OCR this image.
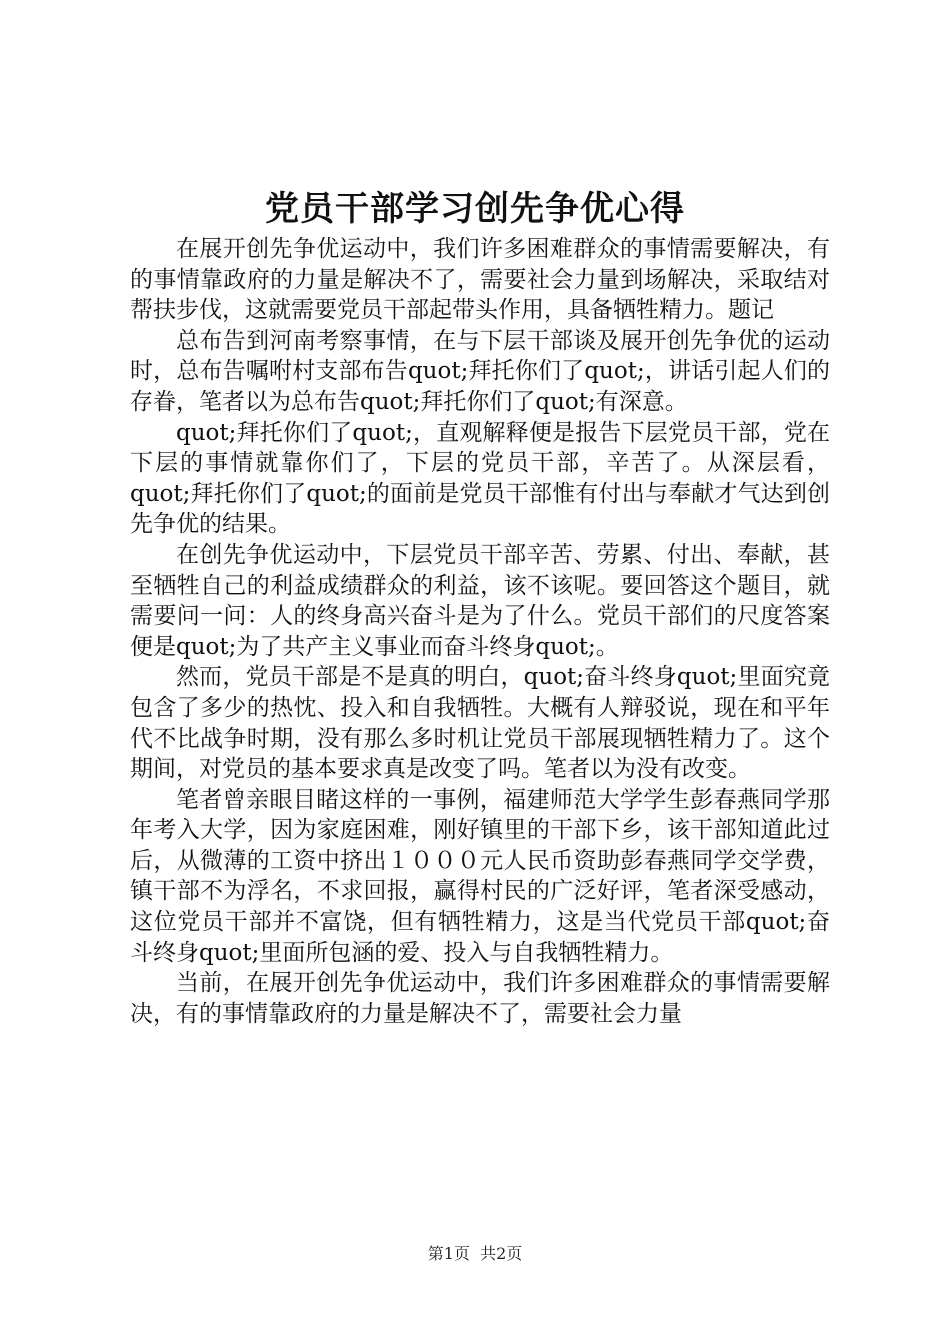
党员干部学习创先争优心得

在展开创先争优运动中，我们许多困难群众的事情需要解决，有的事情靠政府的力量是解决不了，需要社会力量到场解决，采取结对帮扶步伐，这就需要党员干部起带头作用，具备牺牲精力。题记

总布告到河南考察事情，在与下层干部谈及展开创先争优的运动时，总布告嘱咐村支部布告quot;拜托你们了quot;，讲话引起人们的存眷，笔者以为总布告quot;拜托你们了quot;有深意。

quot;拜托你们了quot;，直观解释便是报告下层党员干部，党在下层的事情就靠你们了，下层的党员干部，辛苦了。从深层看，quot;拜托你们了quot;的面前是党员干部惟有付出与奉献才气达到创先争优的结果。

在创先争优运动中，下层党员干部辛苦、劳累、付出、奉献，甚至牺牲自己的利益成绩群众的利益，该不该呢。要回答这个题目，就需要问一问：人的终身高兴奋斗是为了什么。党员干部们的尺度答案便是quot;为了共产主义事业而奋斗终身quot;。

然而，党员干部是不是真的明白，quot;奋斗终身quot;里面究竟包含了多少的热忱、投入和自我牺牲。大概有人辩驳说，现在和平年代不比战争时期，没有那么多时机让党员干部展现牺牲精力了。这个期间，对党员的基本要求真是改变了吗。笔者以为没有改变。

笔者曾亲眼目睹这样的一事例，福建师范大学学生彭春燕同学那年考入大学，因为家庭困难，刚好镇里的干部下乡，该干部知道此过后，从微薄的工资中挤出１０００元人民币资助彭春燕同学交学费，镇干部不为浮名，不求回报，赢得村民的广泛好评，笔者深受感动，这位党员干部并不富饶，但有牺牲精力，这是当代党员干部quot;奋斗终身quot;里面所包涵的爱、投入与自我牺牲精力。

当前，在展开创先争优运动中，我们许多困难群众的事情需要解决，有的事情靠政府的力量是解决不了，需要社会力量

第1页 共2页
